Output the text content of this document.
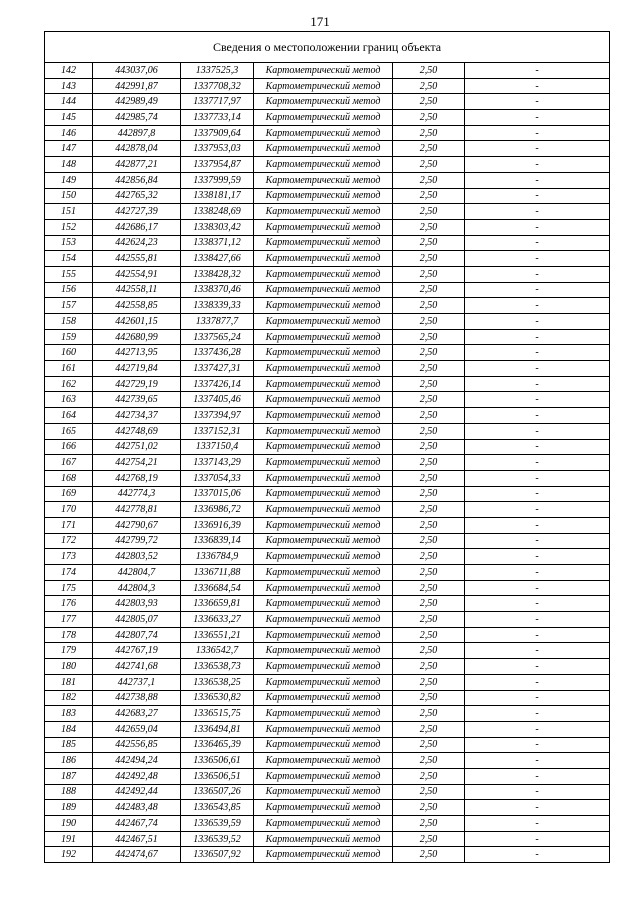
171
Сведения о местоположении границ объекта
142	443037,06	1337525,3	Картометрический метод	2,50	-
143	442991,87	1337708,32	Картометрический метод	2,50	-
144	442989,49	1337717,97	Картометрический метод	2,50	-
145	442985,74	1337733,14	Картометрический метод	2,50	-
146	442897,8	1337909,64	Картометрический метод	2,50	-
147	442878,04	1337953,03	Картометрический метод	2,50	-
148	442877,21	1337954,87	Картометрический метод	2,50	-
149	442856,84	1337999,59	Картометрический метод	2,50	-
150	442765,32	1338181,17	Картометрический метод	2,50	-
151	442727,39	1338248,69	Картометрический метод	2,50	-
152	442686,17	1338303,42	Картометрический метод	2,50	-
153	442624,23	1338371,12	Картометрический метод	2,50	-
154	442555,81	1338427,66	Картометрический метод	2,50	-
155	442554,91	1338428,32	Картометрический метод	2,50	-
156	442558,11	1338370,46	Картометрический метод	2,50	-
157	442558,85	1338339,33	Картометрический метод	2,50	-
158	442601,15	1337877,7	Картометрический метод	2,50	-
159	442680,99	1337565,24	Картометрический метод	2,50	-
160	442713,95	1337436,28	Картометрический метод	2,50	-
161	442719,84	1337427,31	Картометрический метод	2,50	-
162	442729,19	1337426,14	Картометрический метод	2,50	-
163	442739,65	1337405,46	Картометрический метод	2,50	-
164	442734,37	1337394,97	Картометрический метод	2,50	-
165	442748,69	1337152,31	Картометрический метод	2,50	-
166	442751,02	1337150,4	Картометрический метод	2,50	-
167	442754,21	1337143,29	Картометрический метод	2,50	-
168	442768,19	1337054,33	Картометрический метод	2,50	-
169	442774,3	1337015,06	Картометрический метод	2,50	-
170	442778,81	1336986,72	Картометрический метод	2,50	-
171	442790,67	1336916,39	Картометрический метод	2,50	-
172	442799,72	1336839,14	Картометрический метод	2,50	-
173	442803,52	1336784,9	Картометрический метод	2,50	-
174	442804,7	1336711,88	Картометрический метод	2,50	-
175	442804,3	1336684,54	Картометрический метод	2,50	-
176	442803,93	1336659,81	Картометрический метод	2,50	-
177	442805,07	1336633,27	Картометрический метод	2,50	-
178	442807,74	1336551,21	Картометрический метод	2,50	-
179	442767,19	1336542,7	Картометрический метод	2,50	-
180	442741,68	1336538,73	Картометрический метод	2,50	-
181	442737,1	1336538,25	Картометрический метод	2,50	-
182	442738,88	1336530,82	Картометрический метод	2,50	-
183	442683,27	1336515,75	Картометрический метод	2,50	-
184	442659,04	1336494,81	Картометрический метод	2,50	-
185	442556,85	1336465,39	Картометрический метод	2,50	-
186	442494,24	1336506,61	Картометрический метод	2,50	-
187	442492,48	1336506,51	Картометрический метод	2,50	-
188	442492,44	1336507,26	Картометрический метод	2,50	-
189	442483,48	1336543,85	Картометрический метод	2,50	-
190	442467,74	1336539,59	Картометрический метод	2,50	-
191	442467,51	1336539,52	Картометрический метод	2,50	-
192	442474,67	1336507,92	Картометрический метод	2,50	-
